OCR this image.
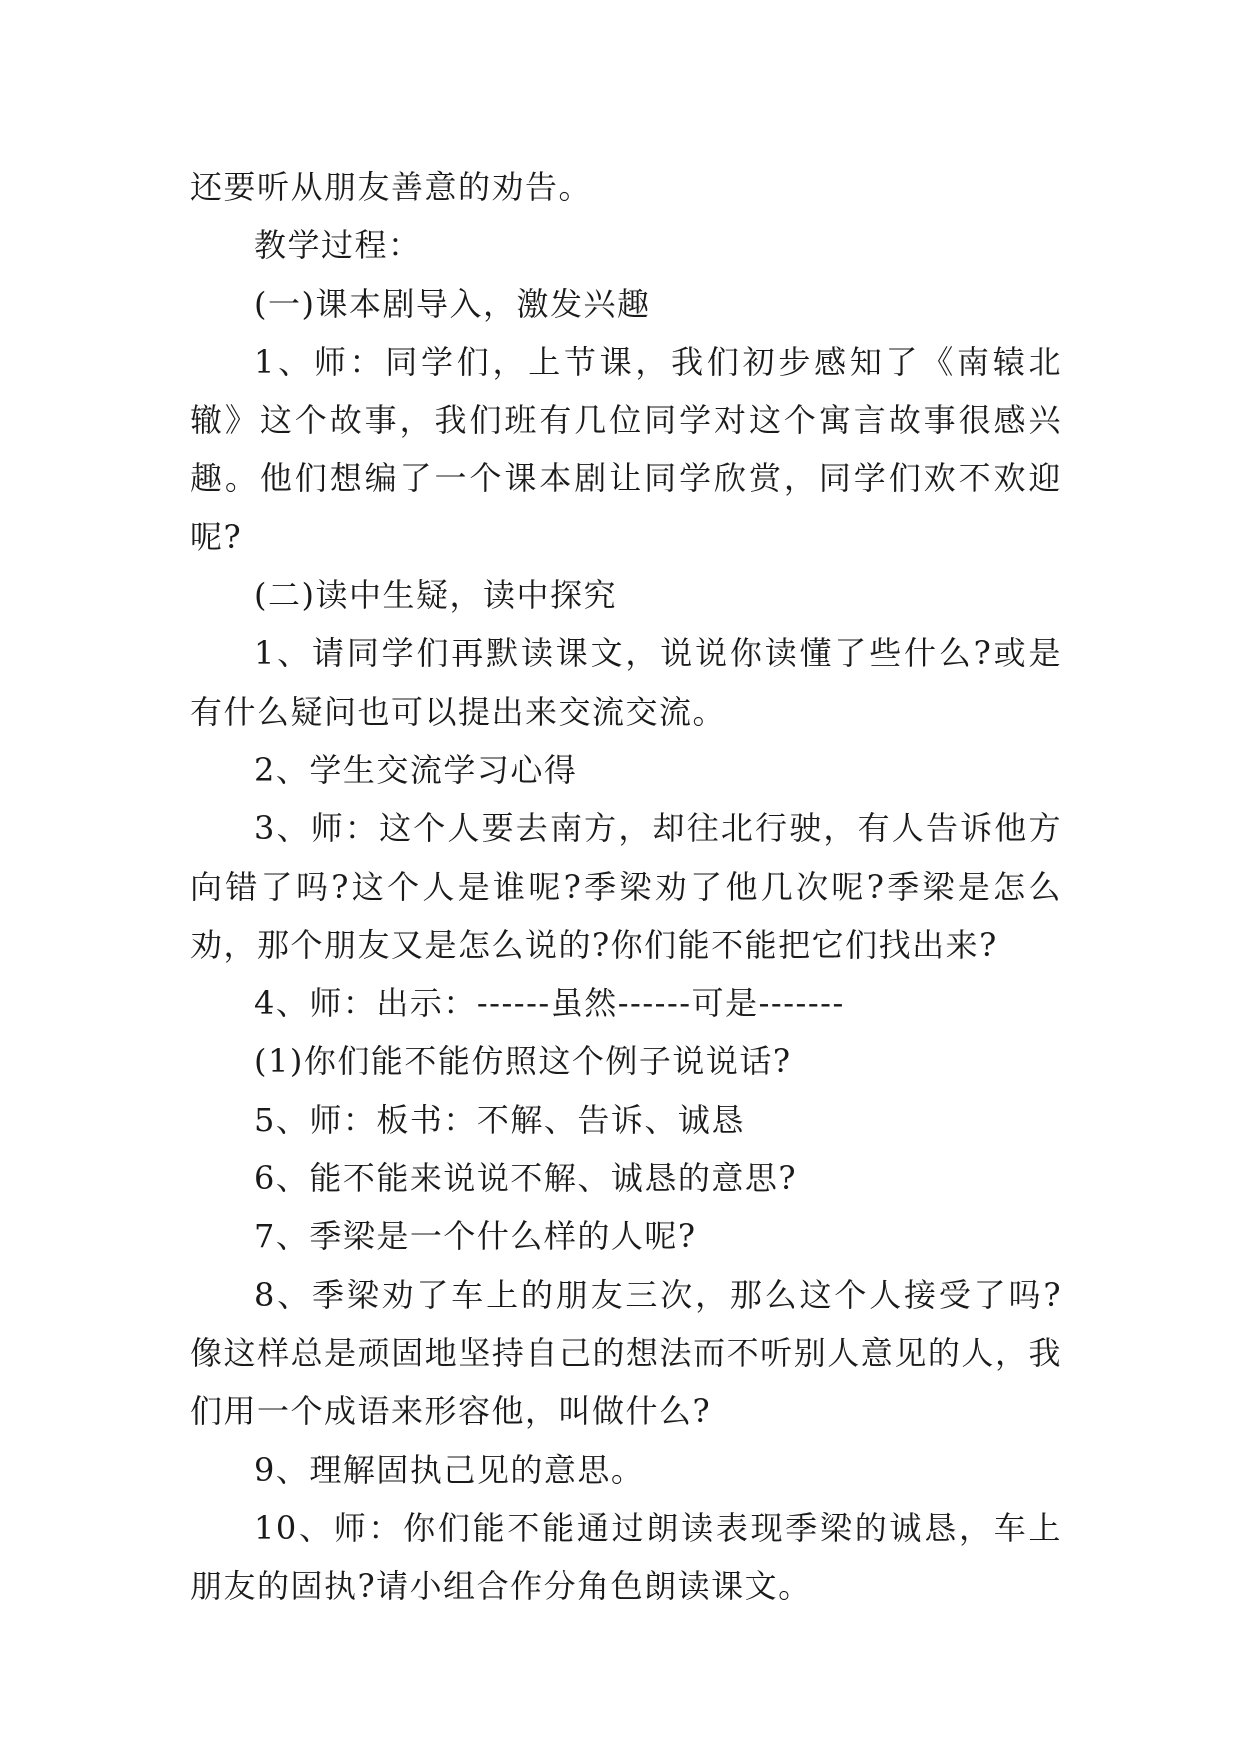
还要听从朋友善意的劝告。

教学过程：

(一)课本剧导入，激发兴趣

1、师：同学们，上节课，我们初步感知了《南辕北辙》这个故事，我们班有几位同学对这个寓言故事很感兴趣。他们想编了一个课本剧让同学欣赏，同学们欢不欢迎呢?

(二)读中生疑，读中探究

1、请同学们再默读课文，说说你读懂了些什么?或是有什么疑问也可以提出来交流交流。

2、学生交流学习心得

3、师：这个人要去南方，却往北行驶，有人告诉他方向错了吗?这个人是谁呢?季梁劝了他几次呢?季梁是怎么劝，那个朋友又是怎么说的?你们能不能把它们找出来?

4、师：出示：------虽然------可是-------

(1)你们能不能仿照这个例子说说话?

5、师：板书：不解、告诉、诚恳

6、能不能来说说不解、诚恳的意思?

7、季梁是一个什么样的人呢?

8、季梁劝了车上的朋友三次，那么这个人接受了吗?像这样总是顽固地坚持自己的想法而不听别人意见的人，我们用一个成语来形容他，叫做什么?

9、理解固执己见的意思。

10、师：你们能不能通过朗读表现季梁的诚恳，车上朋友的固执?请小组合作分角色朗读课文。
